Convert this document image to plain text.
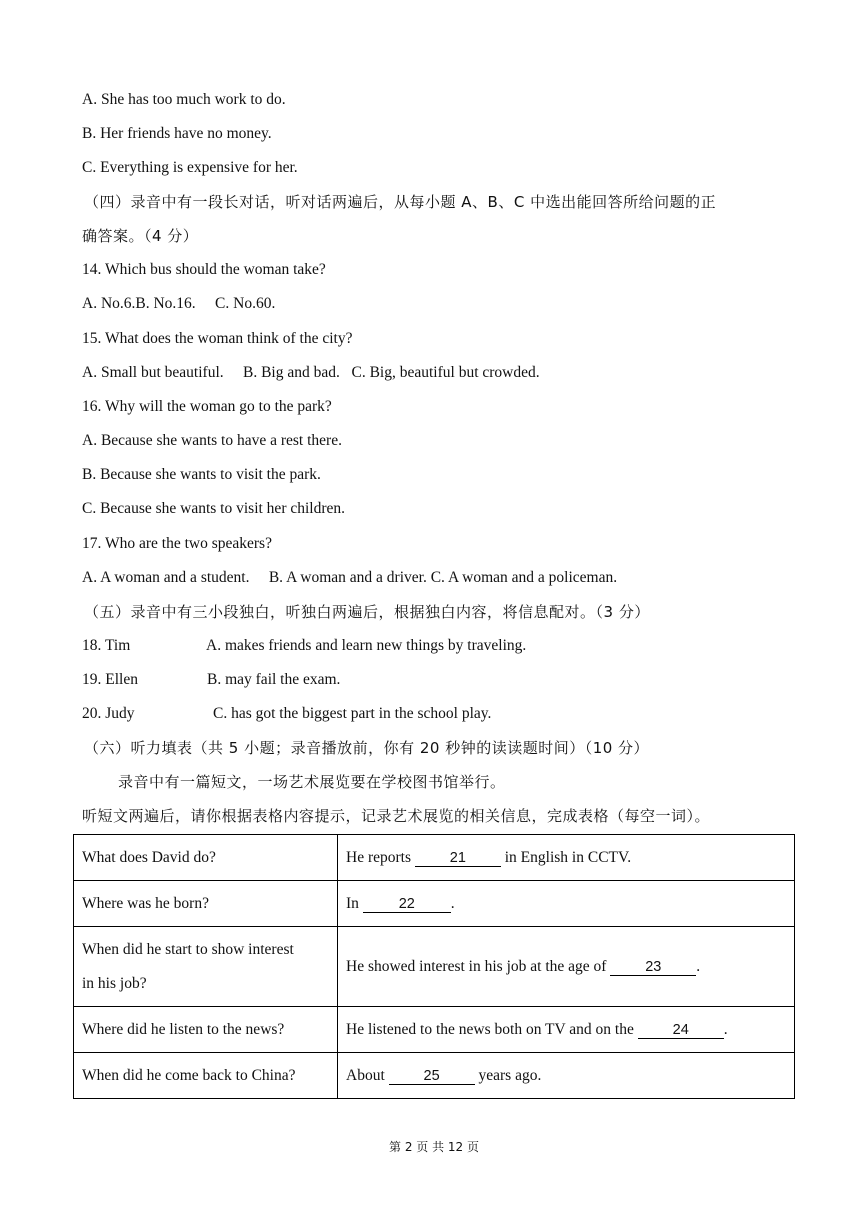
A. She has too much work to do.
B. Her friends have no money.
C. Everything is expensive for her.
（四）录音中有一段长对话，听对话两遍后，从每小题 A、B、C 中选出能回答所给问题的正
确答案。（4 分）
14. Which bus should the woman take?
A. No.6.B. No.16.     C. No.60.
15. What does the woman think of the city?
A. Small but beautiful.     B. Big and bad.   C. Big, beautiful but crowded.
16. Why will the woman go to the park?
A. Because she wants to have a rest there.
B. Because she wants to visit the park.
C. Because she wants to visit her children.
17. Who are the two speakers?
A. A woman and a student.     B. A woman and a driver. C. A woman and a policeman.
（五）录音中有三小段独白，听独白两遍后，根据独白内容，将信息配对。（3 分）
18. Tim	A. makes friends and learn new things by traveling.
19. Ellen	B. may fail the exam.
20. Judy	C. has got the biggest part in the school play.
（六）听力填表（共 5 小题；录音播放前，你有 20 秒钟的读读题时间）（10 分）
录音中有一篇短文，一场艺术展览要在学校图书馆举行。
听短文两遍后，请你根据表格内容提示，记录艺术展览的相关信息，完成表格（每空一词）。
What does David do?	He reports 21 in English in CCTV.
Where was he born?	In 22 .
When did he start to show interest
in his job?	He showed interest in his job at the age of 23 .
Where did he listen to the news?	He listened to the news both on TV and on the 24 .
When did he come back to China?	About 25 years ago.
第 2 页 共 12 页
